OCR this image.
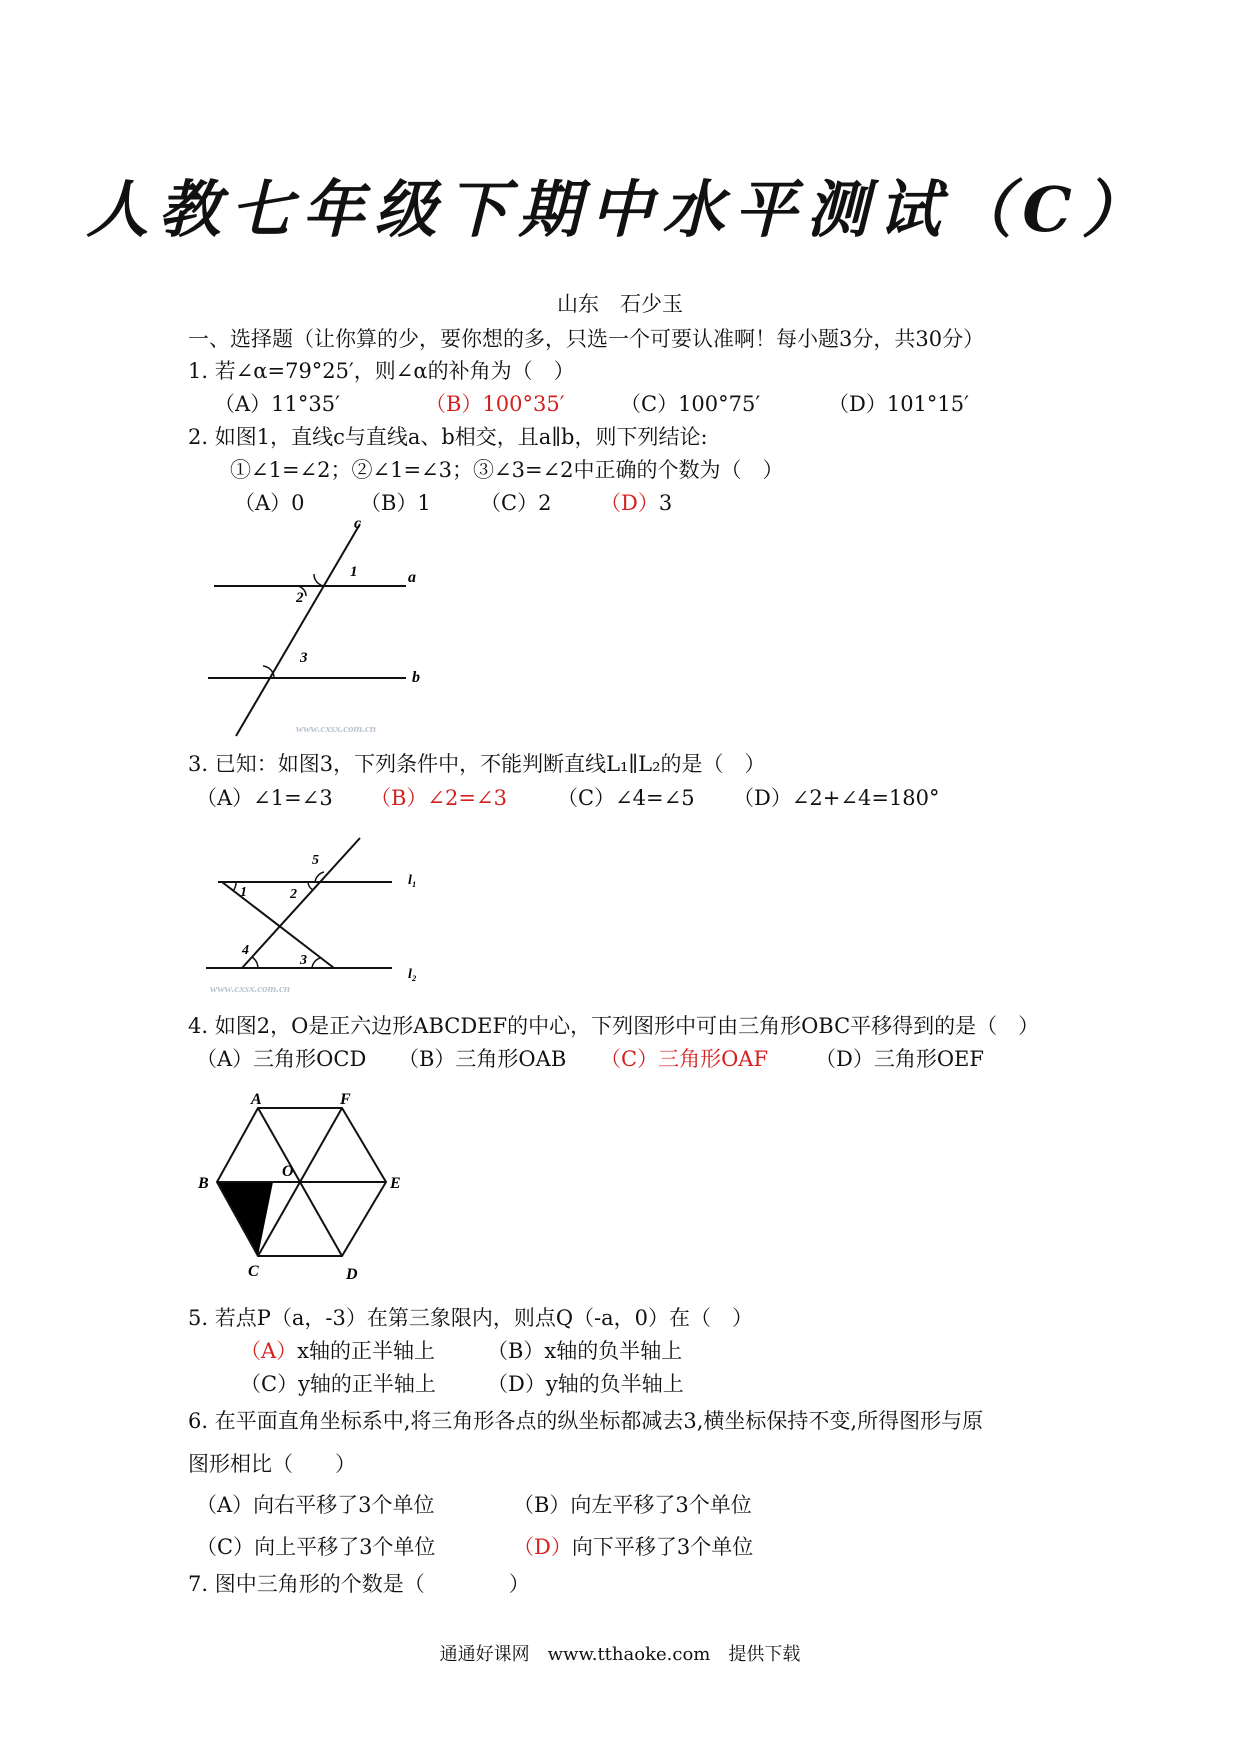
人教七年级下期中水平测试（C）
山东　石少玉
一、选择题（让你算的少，要你想的多，只选一个可要认准啊！每小题3分，共30分）
1. 若∠α=79°25′，则∠α的补角为（　）
（A）11°35′	（B）100°35′	（C）100°75′	（D）101°15′
2. 如图1，直线c与直线a、b相交，且a∥b，则下列结论:
①∠1=∠2；②∠1=∠3；③∠3=∠2中正确的个数为（　）
（A）0	（B）1 （C）2 （D）3
c
1	a
2
3
b
www.cxsx.com.cn
3. 已知：如图3，下列条件中，不能判断直线L₁∥L₂的是（　）
（A）∠1=∠3 （B）∠2=∠3 （C）∠4=∠5 （D）∠2+∠4=180°
5
l₁
1	2
4
3
l₂
www.cxsx.com.cn
4. 如图2，O是正六边形ABCDEF的中心，下列图形中可由三角形OBC平移得到的是（　）
（A）三角形OCD （B）三角形OAB （C）三角形OAF （D）三角形OEF
A	F
B
O
E
C	D
5. 若点P（a，-3）在第三象限内，则点Q（-a，0）在（　）
（A）x轴的正半轴上 （B）x轴的负半轴上
（C）y轴的正半轴上 （D）y轴的负半轴上
6. 在平面直角坐标系中,将三角形各点的纵坐标都减去3,横坐标保持不变,所得图形与原
图形相比（　　）
（A）向右平移了3个单位	（B）向左平移了3个单位
（C）向上平移了3个单位	（D）向下平移了3个单位
7. 图中三角形的个数是（　　　　）
通通好课网　www.tthaoke.com　提供下载
